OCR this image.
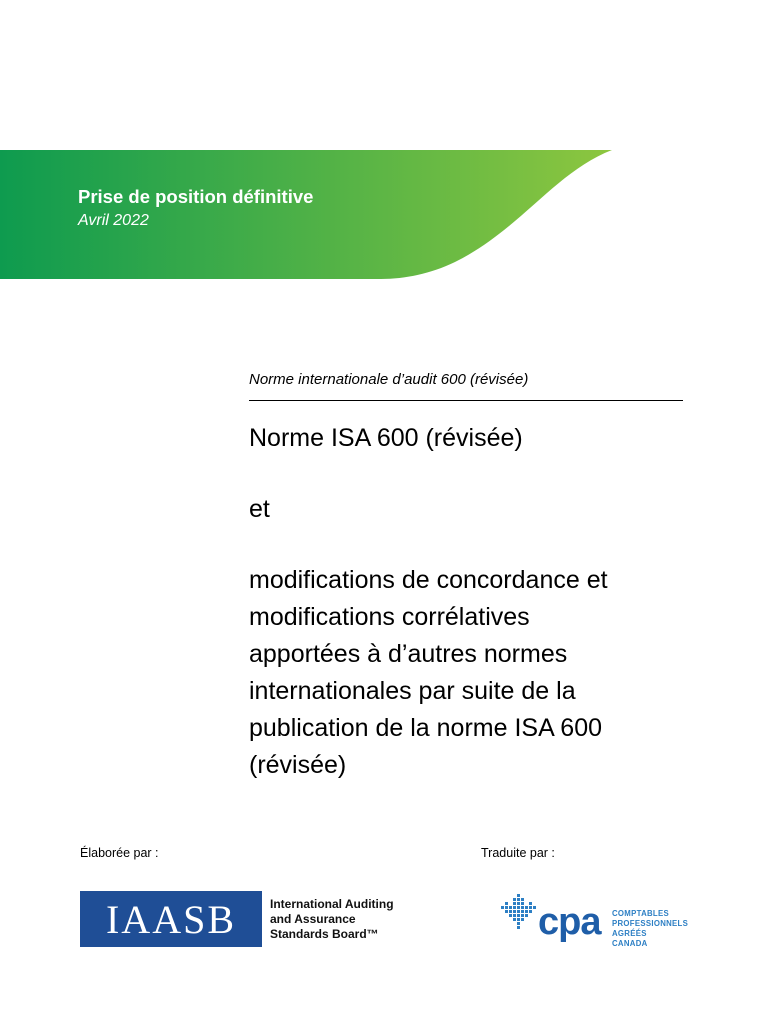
Prise de position définitive
Avril 2022
Norme internationale d’audit 600 (révisée)

Norme ISA 600 (révisée)

et

modifications de concordance et

modifications corrélatives

apportées à d’autres normes

internationales par suite de la

publication de la norme ISA 600

(révisée)

Élaborée par :	Traduite par :
IAASB	International Auditing
and Assurance
Standards Board™	cpa COMPTABLES
PROFESSIONNELS
AGRÉÉS
CANADA
